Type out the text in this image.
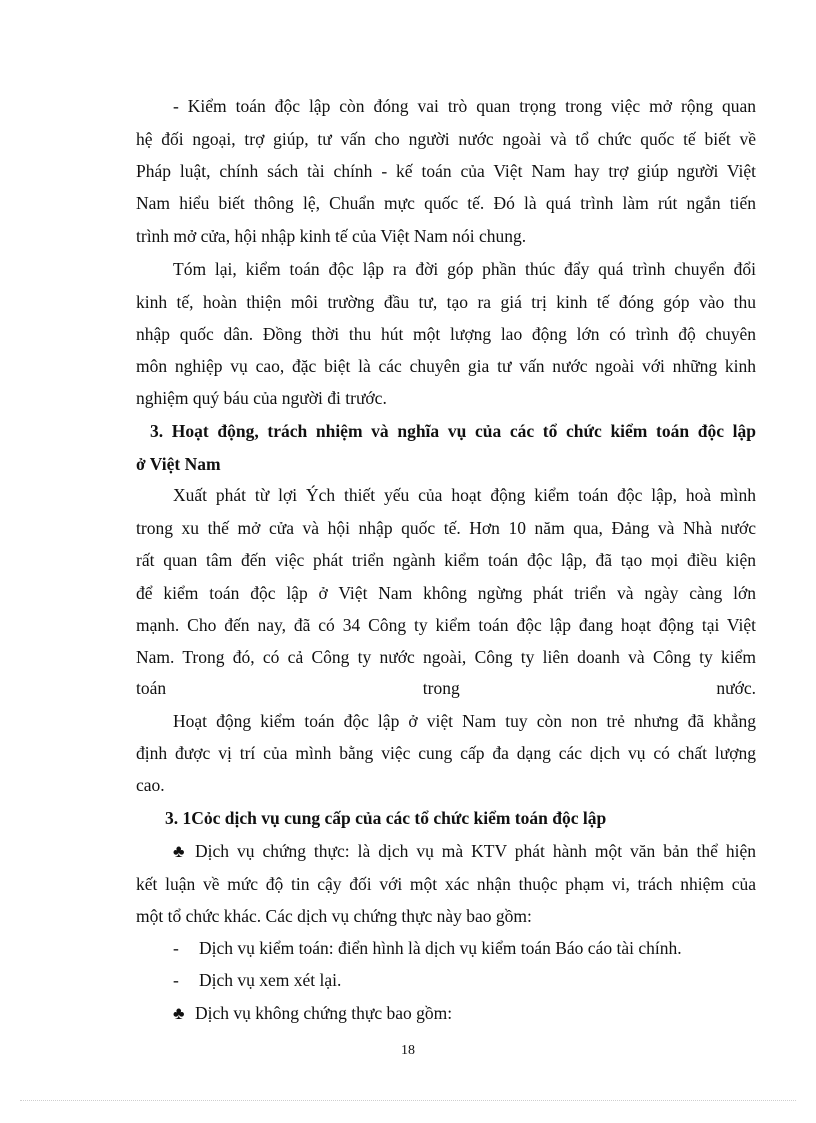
- Kiểm toán độc lập còn đóng vai trò quan trọng trong việc mở rộng quan
hệ đối ngoại, trợ giúp, tư vấn cho người nước ngoài và tổ chức quốc tế biết về
Pháp luật, chính sách tài chính - kế toán của Việt Nam hay trợ giúp người Việt
Nam hiểu biết thông lệ, Chuẩn mực quốc tế. Đó là quá trình làm rút ngắn tiến
trình mở cửa, hội nhập kinh tế của Việt Nam nói chung.
Tóm lại, kiểm toán độc lập ra đời góp phần thúc đẩy quá trình chuyển đổi
kinh tế, hoàn thiện môi trường đầu tư, tạo ra giá trị kinh tế đóng góp vào thu
nhập quốc dân. Đồng thời thu hút một lượng lao động lớn có trình độ chuyên
môn nghiệp vụ cao, đặc biệt là các chuyên gia tư vấn nước ngoài với những kinh
nghiệm quý báu của người đi trước.
3. Hoạt động, trách nhiệm và nghĩa vụ của các tổ chức kiểm toán độc lập
ở Việt Nam
Xuất phát từ lợi Ých thiết yếu của hoạt động kiểm toán độc lập, hoà mình
trong xu thế mở cửa và hội nhập quốc tế. Hơn 10 năm qua, Đảng và Nhà nước
rất quan tâm đến việc phát triển ngành kiểm toán độc lập, đã tạo mọi điều kiện
để kiểm toán độc lập ở Việt Nam không ngừng phát triển và ngày càng lớn
mạnh. Cho đến nay, đã có 34 Công ty kiểm toán độc lập đang hoạt động tại Việt
Nam. Trong đó, có cả Công ty nước ngoài, Công ty liên doanh và Công ty kiểm
toán trong nước.
Hoạt động kiểm toán độc lập ở việt Nam tuy còn non trẻ nhưng đã khẳng
định được vị trí của mình bằng việc cung cấp đa dạng các dịch vụ có chất lượng
cao.
3. 1Cỏc dịch vụ cung cấp của các tổ chức kiểm toán độc lập
♣ Dịch vụ chứng thực: là dịch vụ mà KTV phát hành một văn bản thể hiện
kết luận về mức độ tin cậy đối với một xác nhận thuộc phạm vi, trách nhiệm của
một tổ chức khác. Các dịch vụ chứng thực này bao gồm:
- Dịch vụ kiểm toán: điển hình là dịch vụ kiểm toán Báo cáo tài chính.
- Dịch vụ xem xét lại.
♣ Dịch vụ không chứng thực bao gồm:
18
